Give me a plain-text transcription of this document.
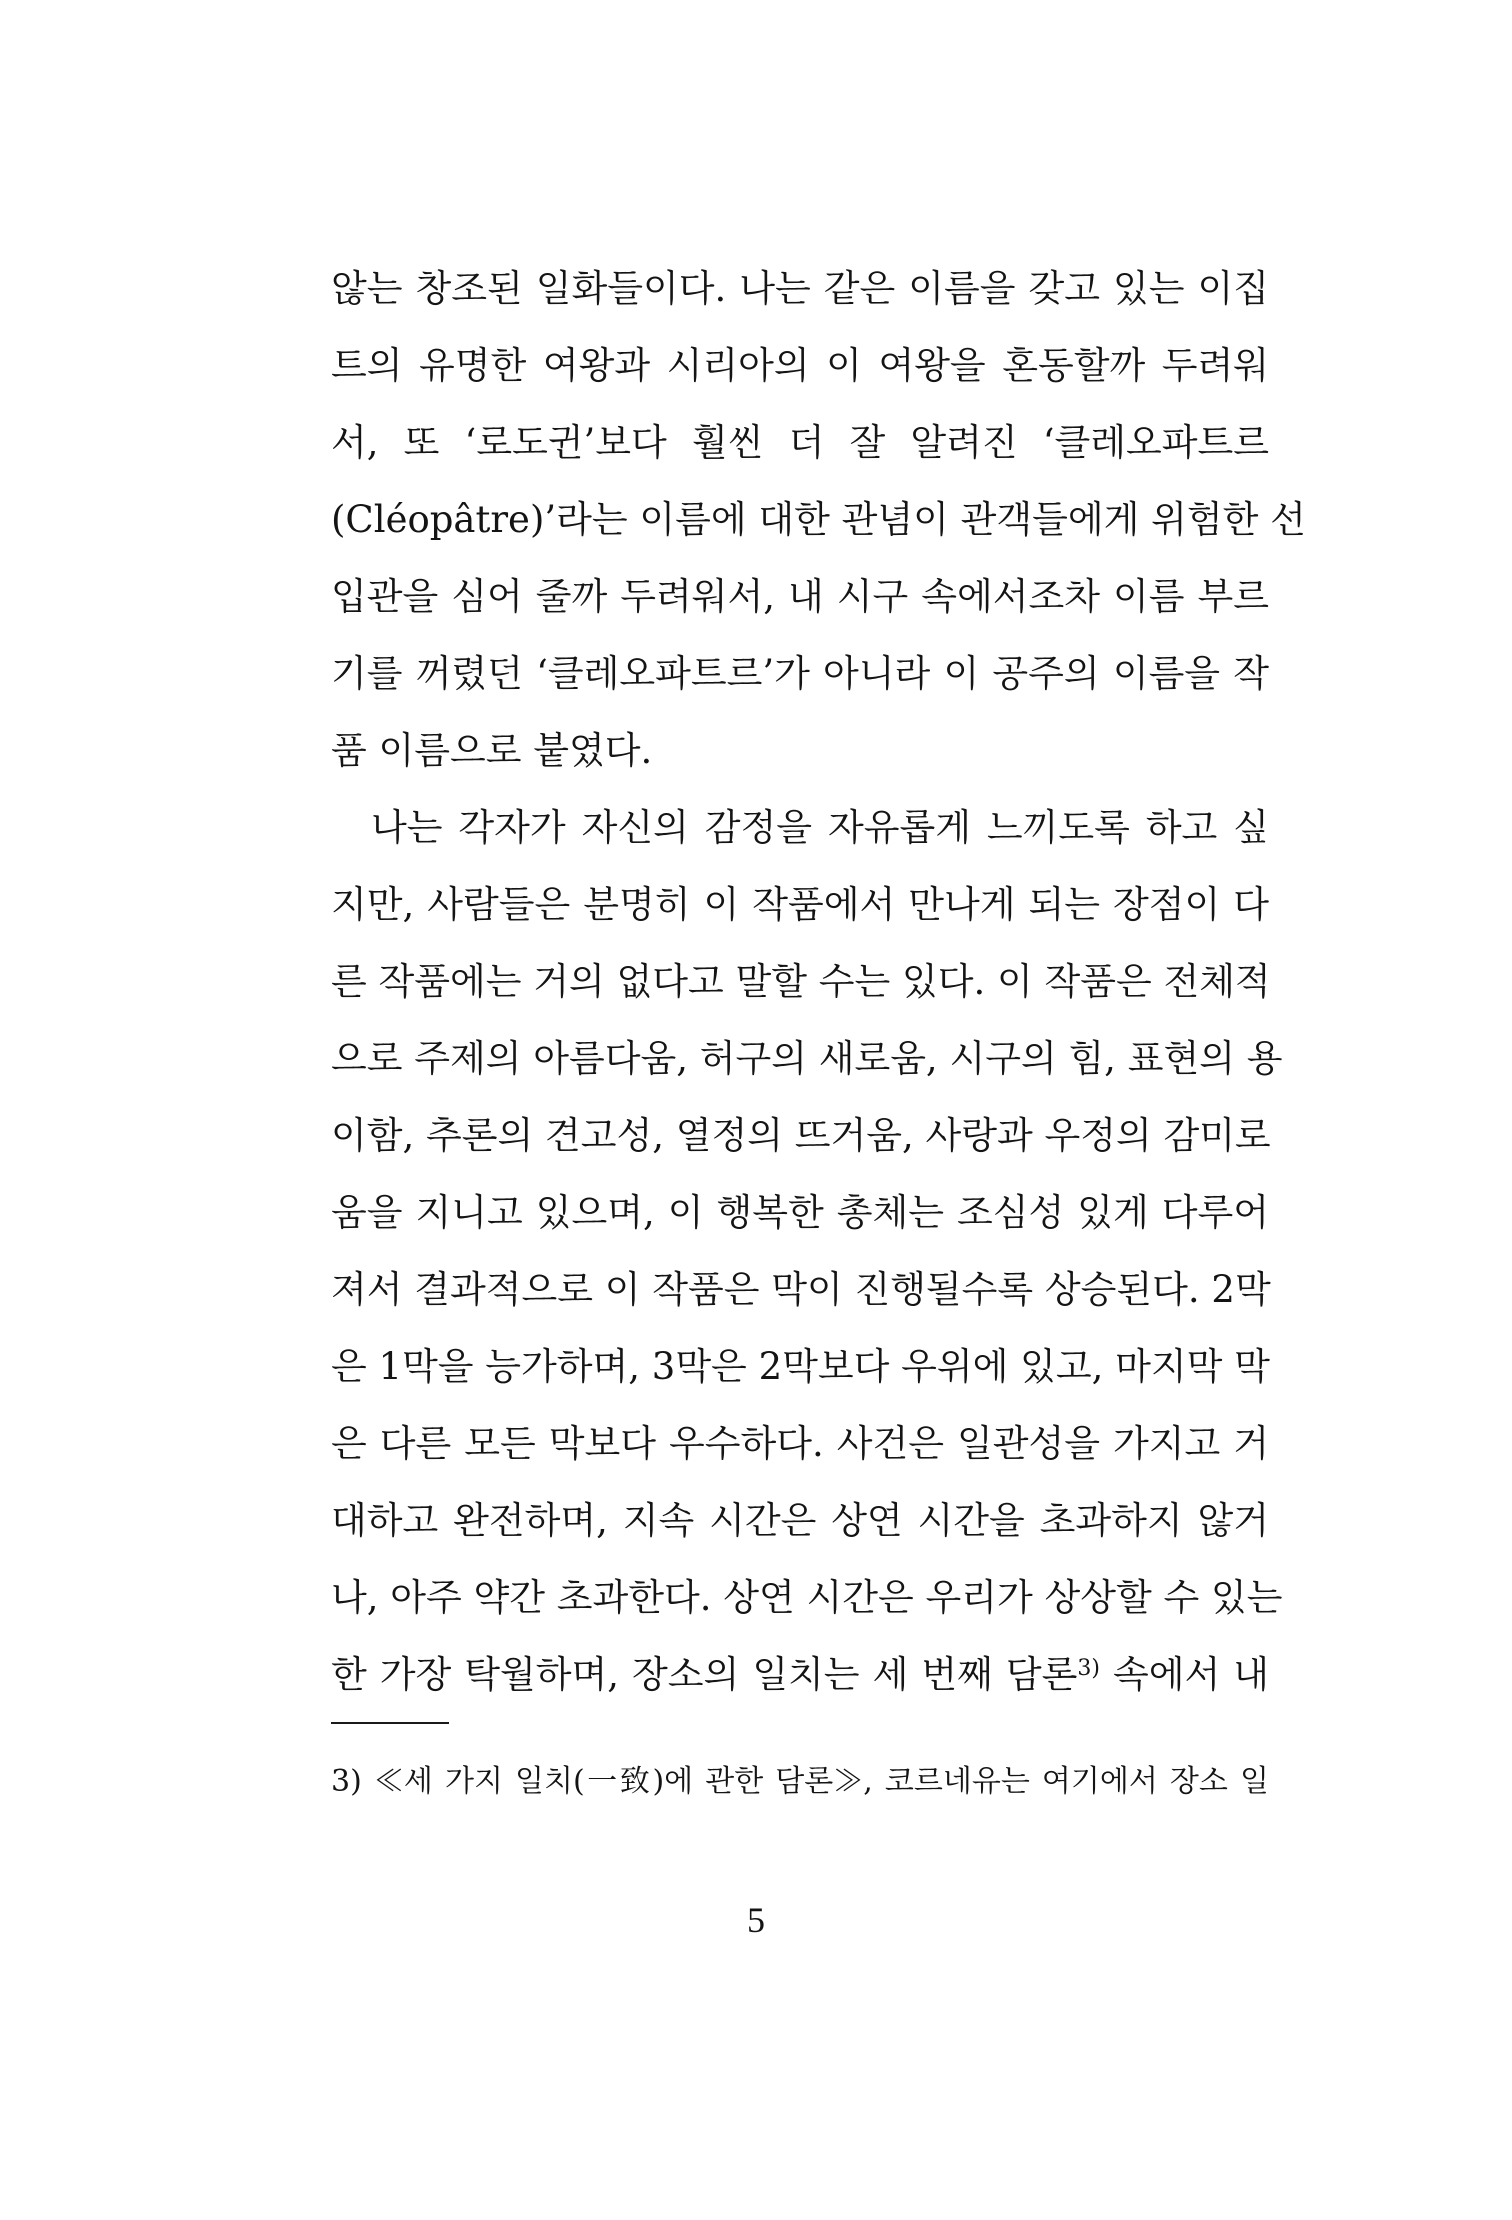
않는 창조된 일화들이다. 나는 같은 이름을 갖고 있는 이집
트의 유명한 여왕과 시리아의 이 여왕을 혼동할까 두려워
서, 또 ‘로도귄’보다 훨씬 더 잘 알려진 ‘클레오파트르
(Cléopâtre)’라는 이름에 대한 관념이 관객들에게 위험한 선
입관을 심어 줄까 두려워서, 내 시구 속에서조차 이름 부르
기를 꺼렸던 ‘클레오파트르’가 아니라 이 공주의 이름을 작
품 이름으로 붙였다.
나는 각자가 자신의 감정을 자유롭게 느끼도록 하고 싶
지만, 사람들은 분명히 이 작품에서 만나게 되는 장점이 다
른 작품에는 거의 없다고 말할 수는 있다. 이 작품은 전체적
으로 주제의 아름다움, 허구의 새로움, 시구의 힘, 표현의 용
이함, 추론의 견고성, 열정의 뜨거움, 사랑과 우정의 감미로
움을 지니고 있으며, 이 행복한 총체는 조심성 있게 다루어
져서 결과적으로 이 작품은 막이 진행될수록 상승된다. 2막
은 1막을 능가하며, 3막은 2막보다 우위에 있고, 마지막 막
은 다른 모든 막보다 우수하다. 사건은 일관성을 가지고 거
대하고 완전하며, 지속 시간은 상연 시간을 초과하지 않거
나, 아주 약간 초과한다. 상연 시간은 우리가 상상할 수 있는
한 가장 탁월하며, 장소의 일치는 세 번째 담론$^{3)}$ 속에서 내
3) ≪세 가지 일치(一致)에 관한 담론≫, 코르네유는 여기에서 장소 일
5
